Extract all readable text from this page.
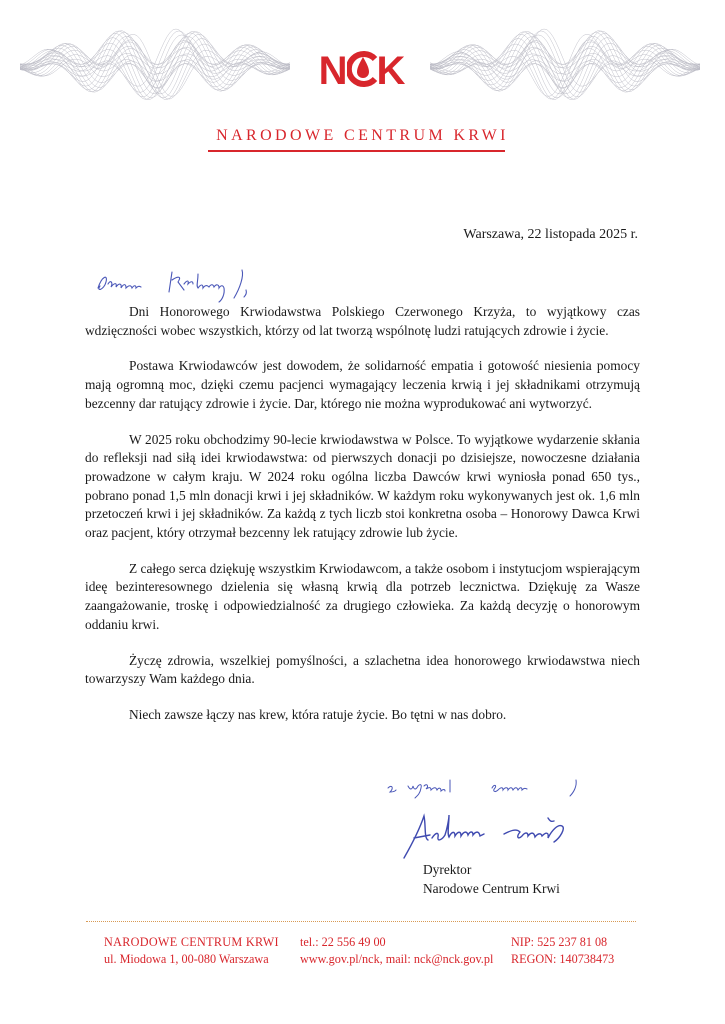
N K
NARODOWE CENTRUM KRWI
Warszawa, 22 listopada 2025 r.

Dni Honorowego Krwiodawstwa Polskiego Czerwonego Krzyża, to wyjątkowy czas wdzięczności wobec wszystkich, którzy od lat tworzą wspólnotę ludzi ratujących zdrowie i życie.

Postawa Krwiodawców jest dowodem, że solidarność empatia i gotowość niesienia pomocy mają ogromną moc, dzięki czemu pacjenci wymagający leczenia krwią i jej składnikami otrzymują bezcenny dar ratujący zdrowie i życie. Dar, którego nie można wyprodukować ani wytworzyć.

W 2025 roku obchodzimy 90-lecie krwiodawstwa w Polsce. To wyjątkowe wydarzenie skłania do refleksji nad siłą idei krwiodawstwa: od pierwszych donacji po dzisiejsze, nowoczesne działania prowadzone w całym kraju. W 2024 roku ogólna liczba Dawców krwi wyniosła ponad 650 tys., pobrano ponad 1,5 mln donacji krwi i jej składników. W każdym roku wykonywanych jest ok. 1,6 mln przetoczeń krwi i jej składników. Za każdą z tych liczb stoi konkretna osoba – Honorowy Dawca Krwi oraz pacjent, który otrzymał bezcenny lek ratujący zdrowie lub życie.

Z całego serca dziękuję wszystkim Krwiodawcom, a także osobom i instytucjom wspierającym ideę bezinteresownego dzielenia się własną krwią dla potrzeb lecznictwa. Dziękuję za Wasze zaangażowanie, troskę i odpowiedzialność za drugiego człowieka. Za każdą decyzję o honorowym oddaniu krwi.

Życzę zdrowia, wszelkiej pomyślności, a szlachetna idea honorowego krwiodawstwa niech towarzyszy Wam każdego dnia.

Niech zawsze łączy nas krew, która ratuje życie. Bo tętni w nas dobro.

Dyrektor
Narodowe Centrum Krwi
NARODOWE CENTRUM KRWI
ul. Miodowa 1, 00-080 Warszawa
tel.: 22 556 49 00
www.gov.pl/nck, mail: nck@nck.gov.pl
NIP: 525 237 81 08
REGON: 140738473
